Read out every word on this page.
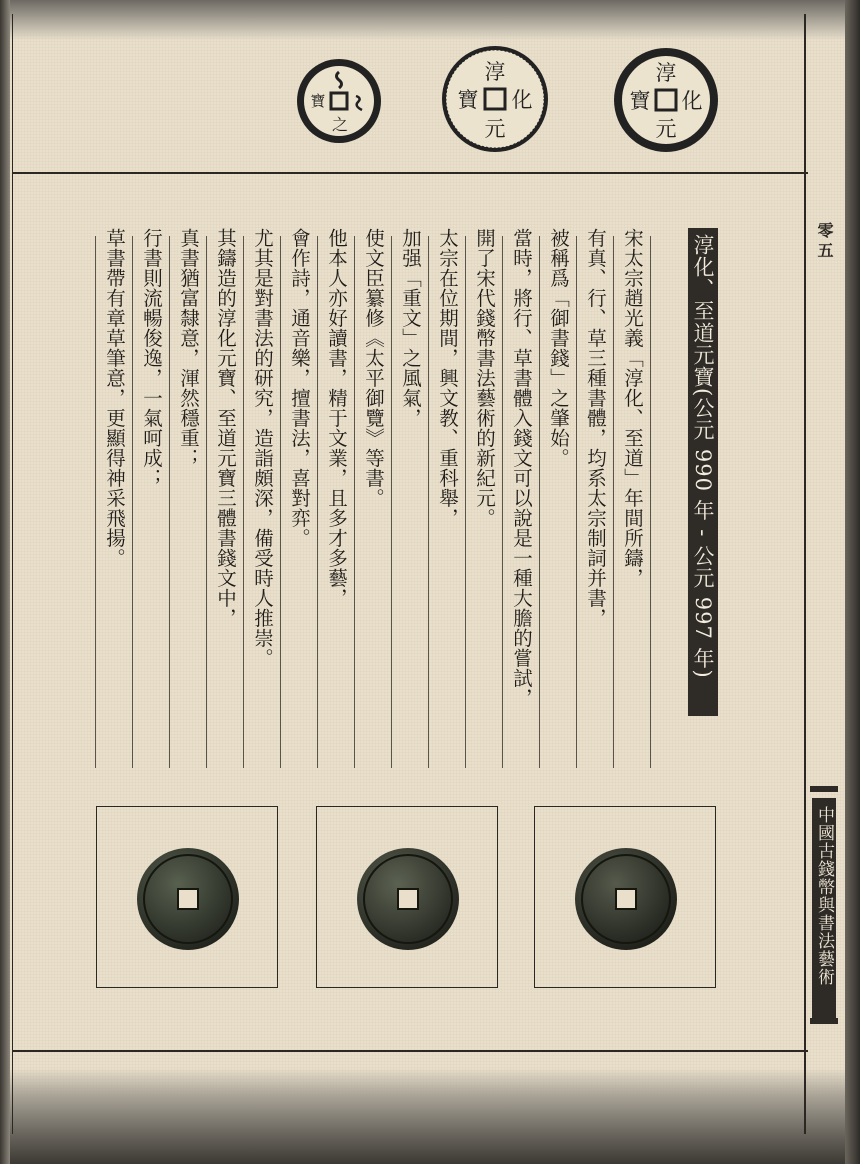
淳
化
元
寶
淳
化
元
寶
之
寶
淳化、至道元寶(公元 990 年 - 公元 997 年)
宋太宗趙光義「淳化、至道」年間所鑄，
有真、行、草三種書體，均系太宗制詞并書，
被稱爲「御書錢」之肇始。
當時，將行、草書體入錢文可以說是一種大膽的嘗試，
開了宋代錢幣書法藝術的新紀元。
太宗在位期間，興文教、重科舉，
加强「重文」之風氣，
使文臣纂修《太平御覽》等書。
他本人亦好讀書，精于文業，且多才多藝，
會作詩，通音樂，擅書法，喜對弈。
尤其是對書法的研究，造詣頗深，備受時人推崇。
其鑄造的淳化元寶、至道元寶三體書錢文中，
真書猶富隸意，渾然穩重；
行書則流暢俊逸，一氣呵成；
草書帶有章草筆意，更顯得神采飛揚。	零五
中國古錢幣與書法藝術
